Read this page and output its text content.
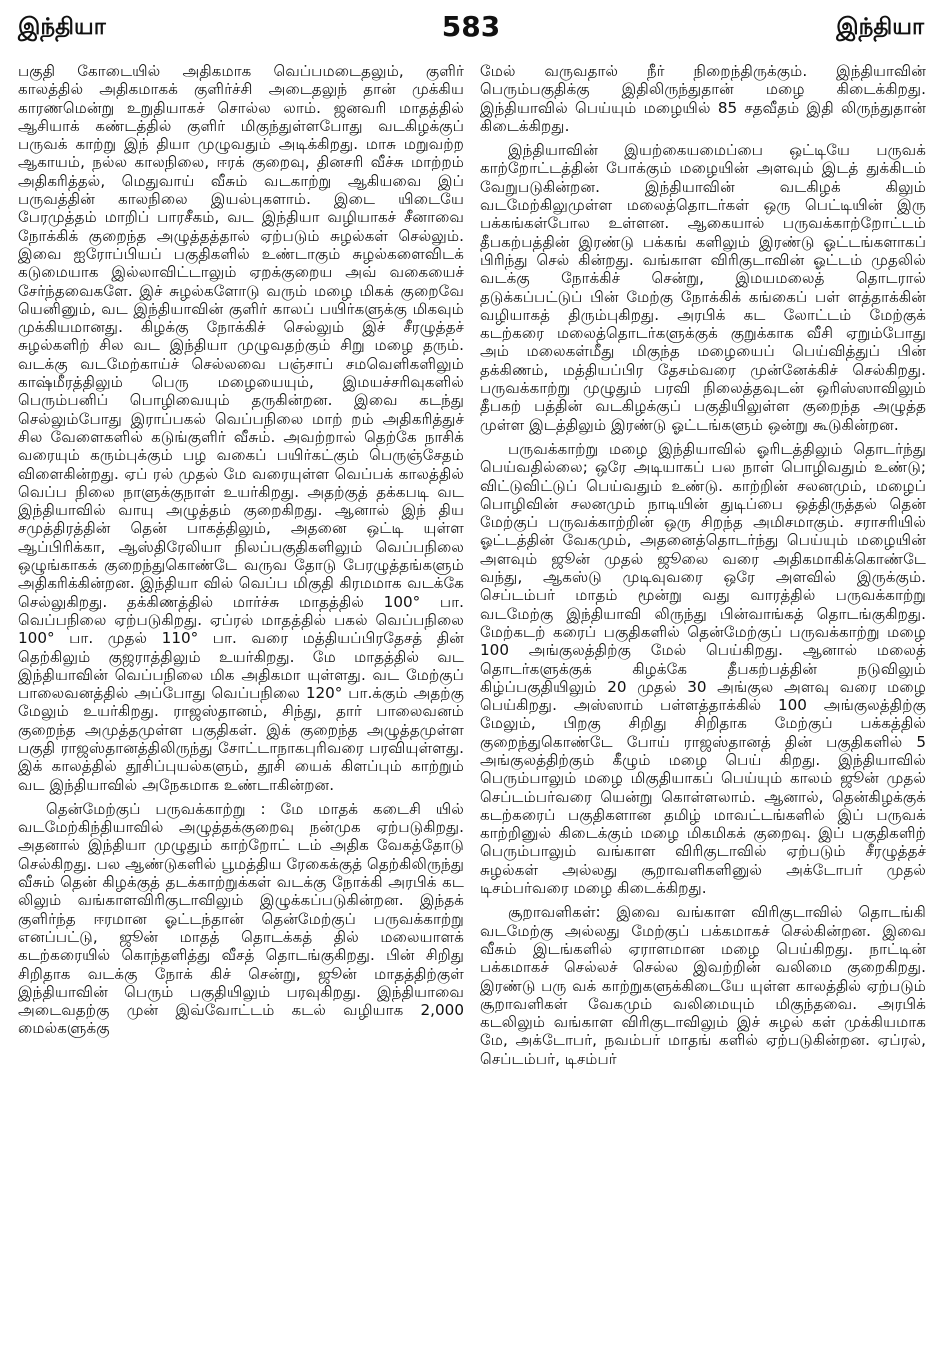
இந்தியா	583	இந்தியா

பகுதி கோடையில் அதிகமாக வெப்பமடைதலும், குளிர் காலத்தில் அதிகமாகக் குளிர்ச்சி அடைதலுந் தான் முக்கிய காரணமென்று உறுதியாகச் சொல்ல லாம். ஜனவரி மாதத்தில் ஆசியாக் கண்டத்தில் குளிர் மிகுந்துள்ளபோது வடகிழக்குப் பருவக் காற்று இந் தியா முழுவதும் அடிக்கிறது. மாசு மறுவற்ற ஆகாயம், நல்ல காலநிலை, ஈரக் குறைவு, தினசரி வீச்சு மாற்றம் அதிகரித்தல், மெதுவாய் வீசும் வடகாற்று ஆகியவை இப் பருவத்தின் காலநிலை இயல்புகளாம். இடை யிடையே பேரமுத்தம் மாறிப் பாரசீகம், வட இந்தியா வழியாகச் சீனாவை நோக்கிக் குறைந்த அழுத்தத்தால் ஏற்படும் சுழல்கள் செல்லும். இவை ஐரோப்பியப் பகுதிகளில் உண்டாகும் சுழல்களைவிடக் கடுமையாக இல்லாவிட்டாலும் ஏறக்குறைய அவ் வகையைச் சேர்ந்தவைகளே. இச் சுழல்களோடு வரும் மழை மிகக் குறைவே யெனினும், வட இந்தியாவின் குளிர் காலப் பயிர்களுக்கு மிகவும் முக்கியமானது. கிழக்கு நோக்கிச் செல்லும் இச் சீரழுத்தச் சுழல்களிற் சில வட இந்தியா முழுவதற்கும் சிறு மழை தரும். வடக்கு வடமேற்காய்ச் செல்லவை பஞ்சாப் சமவெளிகளிலும் காஷ்மீரத்திலும் பெரு மழையையும், இமயச்சரிவுகளில் பெரும்பனிப் பொழிவையும் தருகின்றன. இவை கடந்து செல்லும்போது இராப்பகல் வெப்பநிலை மாற் றம் அதிகரித்துச் சில வேளைகளில் கடுங்குளிர் வீசும். அவற்றால் தெற்கே நாசிக் வரையும் கரும்புக்கும் பழ வகைப் பயிர்கட்கும் பெருஞ்சேதம் விளைகின்றது. ஏப் ரல் முதல் மே வரையுள்ள வெப்பக் காலத்தில் வெப்ப நிலை நாளுக்குநாள் உயர்கிறது. அதற்குத் தக்கபடி வட இந்தியாவில் வாயு அழுத்தம் குறைகிறது. ஆனால் இந் திய சமுத்திரத்தின் தென் பாகத்திலும், அதனை ஒட்டி யுள்ள ஆப்பிரிக்கா, ஆஸ்திரேலியா நிலப்பகுதிகளிலும் வெப்பநிலை ஒழுங்காகக் குறைந்துகொண்டே வருவ தோடு பேரழுத்தங்களும் அதிகரிக்கின்றன. இந்தியா வில் வெப்ப மிகுதி கிரமமாக வடக்கே செல்லுகிறது. தக்கிணத்தில் மார்ச்சு மாதத்தில் 100° பா. வெப்பநிலை ஏற்படுகிறது. ஏப்ரல் மாதத்தில் பகல் வெப்பநிலை 100° பா. முதல் 110° பா. வரை மத்தியப்பிரதேசத் தின் தெற்கிலும் குஜராத்திலும் உயர்கிறது. மே மாதத்தில் வட இந்தியாவின் வெப்பநிலை மிக அதிகமா யுள்ளது. வட மேற்குப் பாலைவனத்தில் அப்போது வெப்பநிலை 120° பா.க்கும் அதற்கு மேலும் உயர்கிறது. ராஜஸ்தானம், சிந்து, தார் பாலைவனம் குறைந்த அமுத்தமுள்ள பகுதிகள். இக் குறைந்த அழுத்தமுள்ள பகுதி ராஜஸ்தானத்திலிருந்து சோட்டாநாகபுரிவரை பரவியுள்ளது. இக் காலத்தில் தூசிப்புயல்களும், தூசி யைக் கிளப்பும் காற்றும் வட இந்தியாவில் அநேகமாக உண்டாகின்றன.

தென்மேற்குப் பருவக்காற்று : மே மாதக் கடைசி யில் வடமேற்கிந்தியாவில் அழுத்தக்குறைவு நன்முக ஏற்படுகிறது. அதனால் இந்தியா முழுதும் காற்றோட் டம் அதிக வேகத்தோடு செல்கிறது. பல ஆண்டுகளில் பூமத்திய ரேகைக்குத் தெற்கிலிருந்து வீசும் தென் கிழக்குத் தடக்காற்றுக்கள் வடக்கு நோக்கி அரபிக் கட லிலும் வங்காளவிரிகுடாவிலும் இழுக்கப்படுகின்றன. இந்தக் குளிர்ந்த ஈரமான ஓட்டந்தான் தென்மேற்குப் பருவக்காற்று எனப்பட்டு, ஜூன் மாதத் தொடக்கத் தில் மலையாளக் கடற்கரையில் கொந்தளித்து வீசத் தொடங்குகிறது. பின் சிறிது சிறிதாக வடக்கு நோக் கிச் சென்று, ஜூன் மாதத்திற்குள் இந்தியாவின் பெரும் பகுதியிலும் பரவுகிறது. இந்தியாவை அடைவதற்கு முன் இவ்வோட்டம் கடல் வழியாக 2,000 மைல்களுக்கு

மேல் வருவதால் நீர் நிறைந்திருக்கும். இந்தியாவின் பெரும்பகுதிக்கு இதிலிருந்துதான் மழை கிடைக்கிறது. இந்தியாவில் பெய்யும் மழையில் 85 சதவீதம் இதி லிருந்துதான் கிடைக்கிறது.

இந்தியாவின் இயற்கையமைப்பை ஒட்டியே பருவக் காற்றோட்டத்தின் போக்கும் மழையின் அளவும் இடத் துக்கிடம் வேறுபடுகின்றன. இந்தியாவின் வடகிழக் கிலும் வடமேற்கிலுமுள்ள மலைத்தொடர்கள் ஒரு பெட்டியின் இரு பக்கங்கள்போல உள்ளன. ஆகையால் பருவக்காற்றோட்டம் தீபகற்பத்தின் இரண்டு பக்கங் களிலும் இரண்டு ஓட்டங்களாகப் பிரிந்து செல் கின்றது. வங்காள விரிகுடாவின் ஓட்டம் முதலில் வடக்கு நோக்கிச் சென்று, இமயமலைத் தொடரால் தடுக்கப்பட்டுப் பின் மேற்கு நோக்கிக் கங்கைப் பள் ளத்தாக்கின் வழியாகத் திரும்புகிறது. அரபிக் கட லோட்டம் மேற்குக் கடற்கரை மலைத்தொடர்களுக்குக் குறுக்காக வீசி ஏறும்போது அம் மலைகள்மீது மிகுந்த மழையைப் பெய்வித்துப் பின் தக்கிணம், மத்தியப்பிர தேசம்வரை முன்னேக்கிச் செல்கிறது. பருவக்காற்று முழுதும் பரவி நிலைத்தவுடன் ஒரிஸ்ஸாவிலும் தீபகற் பத்தின் வடகிழக்குப் பகுதியிலுள்ள குறைந்த அழுத்த முள்ள இடத்திலும் இரண்டு ஓட்டங்களும் ஒன்று கூடுகின்றன.

பருவக்காற்று மழை இந்தியாவில் ஓரிடத்திலும் தொடர்ந்து பெய்வதில்லை; ஒரே அடியாகப் பல நாள் பொழிவதும் உண்டு; விட்டுவிட்டுப் பெய்வதும் உண்டு. காற்றின் சலனமும், மழைப் பொழிவின் சலனமும் நாடியின் துடிப்பை ஒத்திருத்தல் தென் மேற்குப் பருவக்காற்றின் ஒரு சிறந்த அமிசமாகும். சராசரியில் ஓட்டத்தின் வேகமும், அதனைத்தொடர்ந்து பெய்யும் மழையின் அளவும் ஜூன் முதல் ஜூலை வரை அதிகமாகிக்கொண்டே வந்து, ஆகஸ்டு முடிவுவரை ஒரே அளவில் இருக்கும். செப்டம்பர் மாதம் மூன்று வது வாரத்தில் பருவக்காற்று வடமேற்கு இந்தியாவி லிருந்து பின்வாங்கத் தொடங்குகிறது. மேற்கடற் கரைப் பகுதிகளில் தென்மேற்குப் பருவக்காற்று மழை 100 அங்குலத்திற்கு மேல் பெய்கிறது. ஆனால் மலைத் தொடர்களுக்குக் கிழக்கே தீபகற்பத்தின் நடுவிலும் கிழ்ப்பகுதியிலும் 20 முதல் 30 அங்குல அளவு வரை மழை பெய்கிறது. அஸ்ஸாம் பள்ளத்தாக்கில் 100 அங்குலத்திற்கு மேலும், பிறகு சிறிது சிறிதாக மேற்குப் பக்கத்தில் குறைந்துகொண்டே போய் ராஜஸ்தானத் தின் பகுதிகளில் 5 அங்குலத்திற்கும் கீழும் மழை பெய் கிறது. இந்தியாவில் பெரும்பாலும் மழை மிகுதியாகப் பெய்யும் காலம் ஜூன் முதல் செப்டம்பர்வரை யென்று கொள்ளலாம். ஆனால், தென்கிழக்குக் கடற்கரைப் பகுதிகளான தமிழ் மாவட்டங்களில் இப் பருவக் காற்றினுல் கிடைக்கும் மழை மிகமிகக் குறைவு. இப் பகுதிகளிற் பெரும்பாலும் வங்காள விரிகுடாவில் ஏற்படும் சீரழுத்தச் சுழல்கள் அல்லது சூறாவளிகளினுல் அக்டோபர் முதல் டிசம்பர்வரை மழை கிடைக்கிறது.

சூறாவளிகள்: இவை வங்காள விரிகுடாவில் தொடங்கி வடமேற்கு அல்லது மேற்குப் பக்கமாகச் செல்கின்றன. இவை வீசும் இடங்களில் ஏராளமான மழை பெய்கிறது. நாட்டின் பக்கமாகச் செல்லச் செல்ல இவற்றின் வலிமை குறைகிறது. இரண்டு பரு வக் காற்றுகளுக்கிடையே யுள்ள காலத்தில் ஏற்படும் சூறாவளிகள் வேகமும் வலிமையும் மிகுந்தவை. அரபிக் கடலிலும் வங்காள விரிகுடாவிலும் இச் சுழல் கள் முக்கியமாக மே, அக்டோபர், நவம்பர் மாதங் களில் ஏற்படுகின்றன. ஏப்ரல், செப்டம்பர், டிசம்பர்
